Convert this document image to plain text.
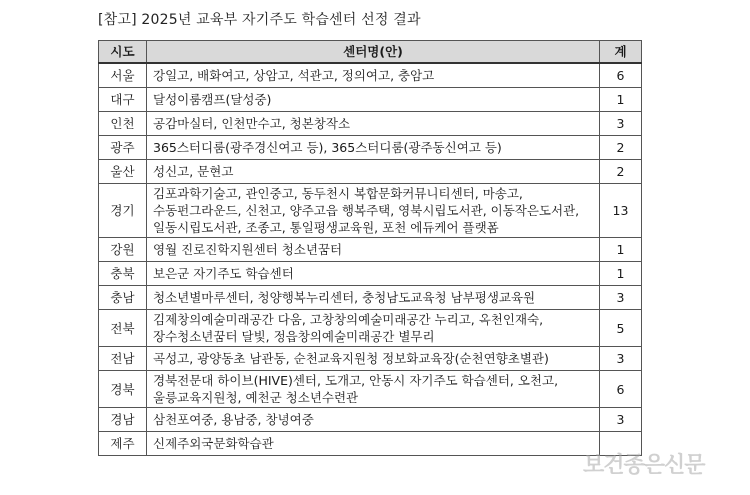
[참고] 2025년 교육부 자기주도 학습센터 선정 결과
시도	센터명(안)	계
서울	강일고, 배화여고, 상암고, 석관고, 정의여고, 충암고	6
대구	달성이룸캠프(달성중)	1
인천	공감마실터, 인천만수고, 청본창작소	3
광주	365스터디룸(광주경신여고 등), 365스터디룸(광주동신여고 등)	2
울산	성신고, 문현고	2
경기	김포과학기술고, 관인중고, 동두천시 복합문화커뮤니티센터, 마송고, 수동펀그라운드, 신천고, 양주고읍 행복주택, 영북시립도서관, 이동작은도서관, 일동시립도서관, 조종고, 통일평생교육원, 포천 에듀케어 플랫폼	13
강원	영월 진로진학지원센터 청소년꿈터	1
충북	보은군 자기주도 학습센터	1
충남	청소년별마루센터, 청양행복누리센터, 충청남도교육청 남부평생교육원	3
전북	김제창의예술미래공간 다움, 고창창의예술미래공간 누리고, 옥천인재숙, 장수청소년꿈터 달빛, 정읍창의예술미래공간 별무리	5
전남	곡성고, 광양동초 남관동, 순천교육지원청 정보화교육장(순천연향초별관)	3
경북	경북전문대 하이브(HIVE)센터, 도개고, 안동시 자기주도 학습센터, 오천고, 울릉교육지원청, 예천군 청소년수련관	6
경남	삼천포여중, 용남중, 창녕여중	3
제주	신제주외국문화학습관	
보건종은신문
